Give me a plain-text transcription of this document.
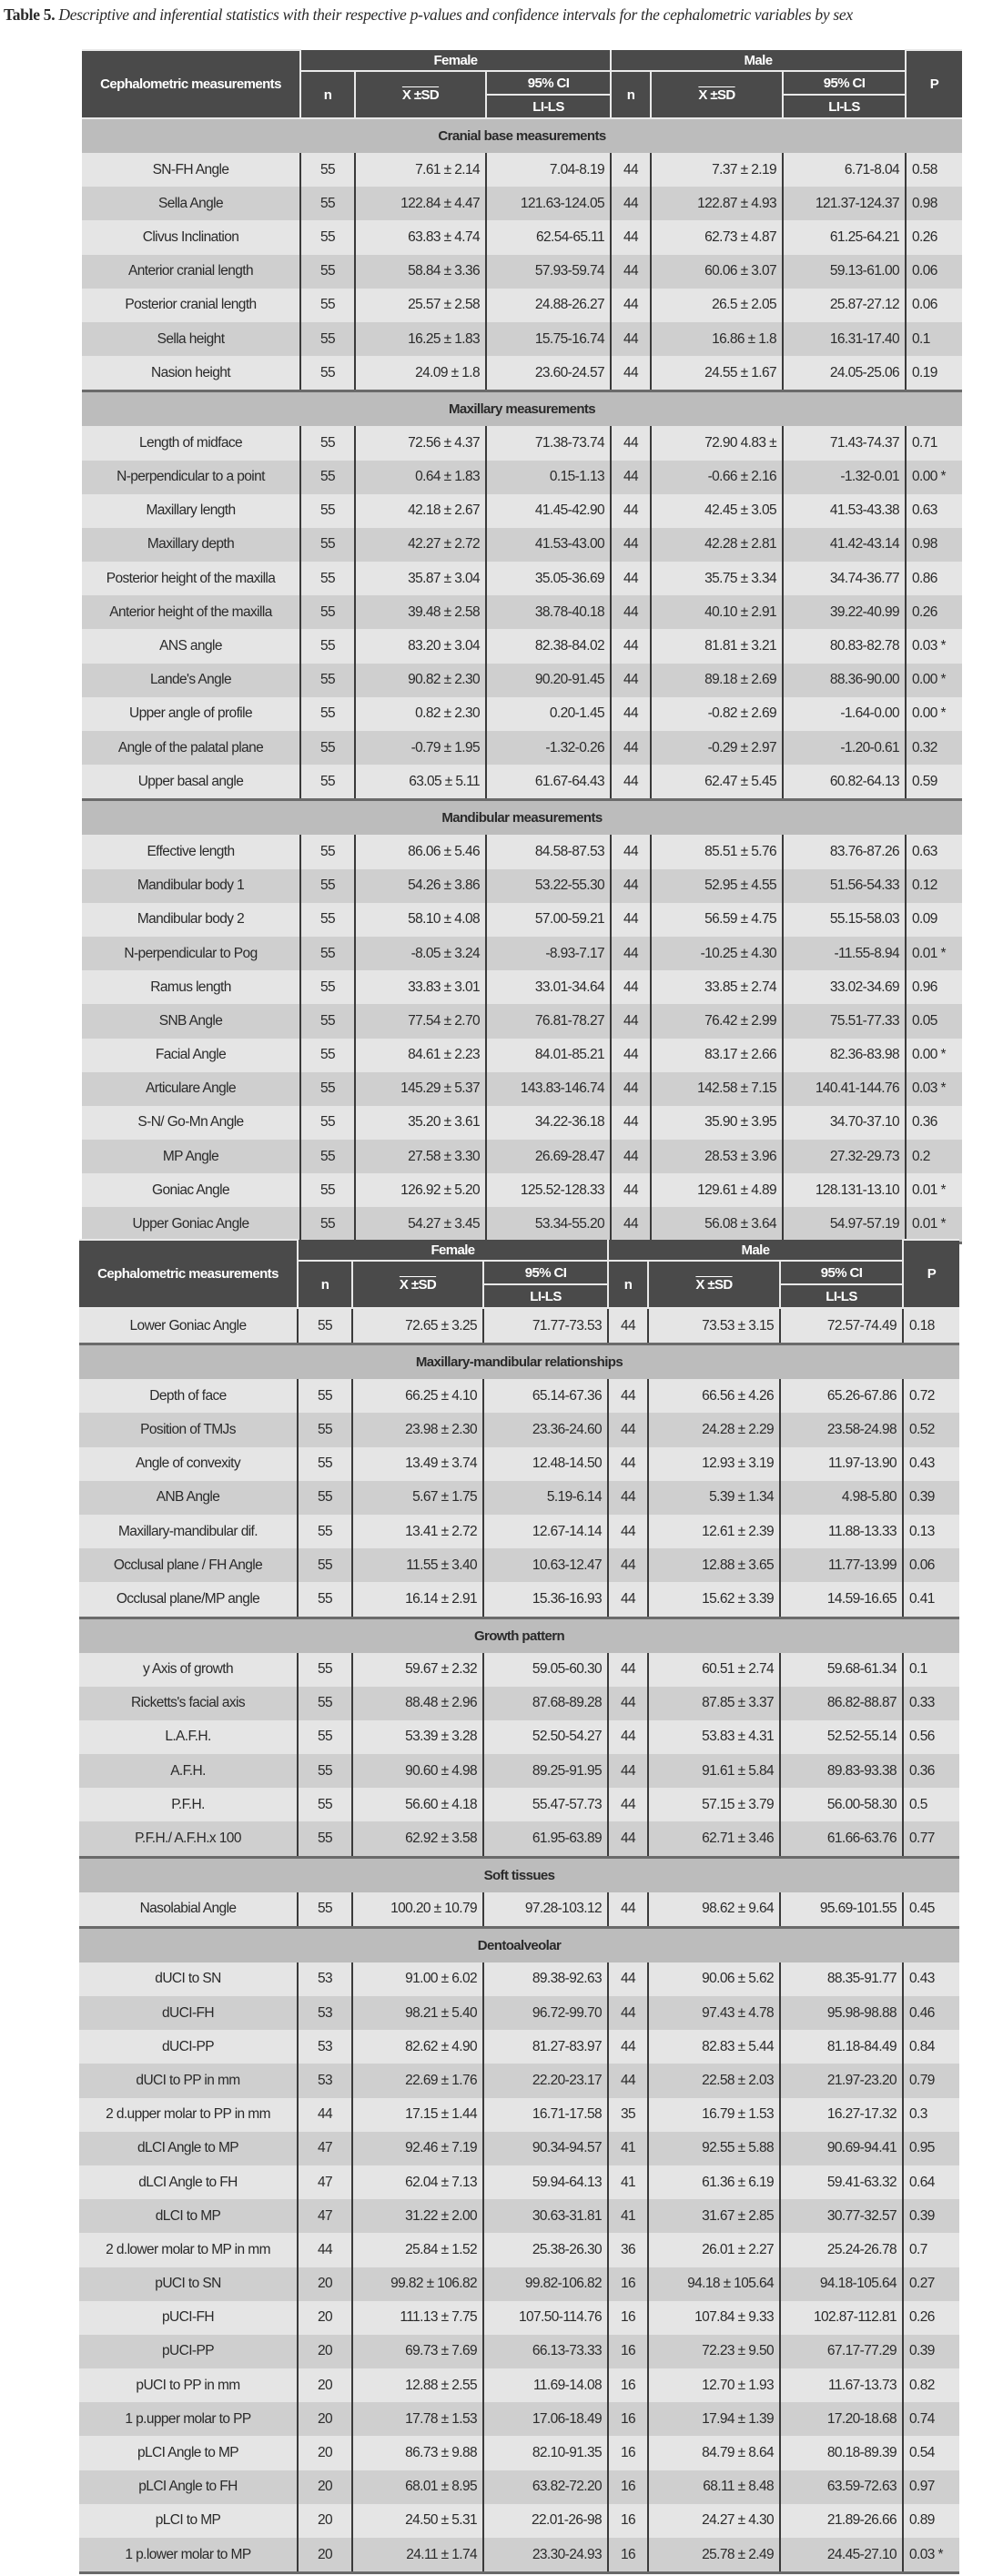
Table 5. Descriptive and inferential statistics with their respective p-values and confidence intervals for the cephalometric variables by sex
Cephalometric measurements	Female			Male			P
	n	X ±SD	95% CI	n	X ±SD	95% CI	
			LI-LS			LI-LS	
Cranial base measurements							
SN-FH Angle	55	7.61 ± 2.14	7.04-8.19	44	7.37 ± 2.19	6.71-8.04	0.58
Sella Angle	55	122.84 ± 4.47	121.63-124.05	44	122.87 ± 4.93	121.37-124.37	0.98
Clivus Inclination	55	63.83 ± 4.74	62.54-65.11	44	62.73 ± 4.87	61.25-64.21	0.26
Anterior cranial length	55	58.84 ± 3.36	57.93-59.74	44	60.06 ± 3.07	59.13-61.00	0.06
Posterior cranial length	55	25.57 ± 2.58	24.88-26.27	44	26.5 ± 2.05	25.87-27.12	0.06
Sella height	55	16.25 ± 1.83	15.75-16.74	44	16.86 ± 1.8	16.31-17.40	0.1
Nasion height	55	24.09 ± 1.8	23.60-24.57	44	24.55 ± 1.67	24.05-25.06	0.19
Maxillary measurements							
Length of midface	55	72.56 ± 4.37	71.38-73.74	44	72.90 4.83 ±	71.43-74.37	0.71
N-perpendicular to a point	55	0.64 ± 1.83	0.15-1.13	44	-0.66 ± 2.16	-1.32-0.01	0.00 *
Maxillary length	55	42.18 ± 2.67	41.45-42.90	44	42.45 ± 3.05	41.53-43.38	0.63
Maxillary depth	55	42.27 ± 2.72	41.53-43.00	44	42.28 ± 2.81	41.42-43.14	0.98
Posterior height of the maxilla	55	35.87 ± 3.04	35.05-36.69	44	35.75 ± 3.34	34.74-36.77	0.86
Anterior height of the maxilla	55	39.48 ± 2.58	38.78-40.18	44	40.10 ± 2.91	39.22-40.99	0.26
ANS angle	55	83.20 ± 3.04	82.38-84.02	44	81.81 ± 3.21	80.83-82.78	0.03 *
Lande's Angle	55	90.82 ± 2.30	90.20-91.45	44	89.18 ± 2.69	88.36-90.00	0.00 *
Upper angle of profile	55	0.82 ± 2.30	0.20-1.45	44	-0.82 ± 2.69	-1.64-0.00	0.00 *
Angle of the palatal plane	55	-0.79 ± 1.95	-1.32-0.26	44	-0.29 ± 2.97	-1.20-0.61	0.32
Upper basal angle	55	63.05 ± 5.11	61.67-64.43	44	62.47 ± 5.45	60.82-64.13	0.59
Mandibular measurements							
Effective length	55	86.06 ± 5.46	84.58-87.53	44	85.51 ± 5.76	83.76-87.26	0.63
Mandibular body 1	55	54.26 ± 3.86	53.22-55.30	44	52.95 ± 4.55	51.56-54.33	0.12
Mandibular body 2	55	58.10 ± 4.08	57.00-59.21	44	56.59 ± 4.75	55.15-58.03	0.09
N-perpendicular to Pog	55	-8.05 ± 3.24	-8.93-7.17	44	-10.25 ± 4.30	-11.55-8.94	0.01 *
Ramus length	55	33.83 ± 3.01	33.01-34.64	44	33.85 ± 2.74	33.02-34.69	0.96
SNB Angle	55	77.54 ± 2.70	76.81-78.27	44	76.42 ± 2.99	75.51-77.33	0.05
Facial Angle	55	84.61 ± 2.23	84.01-85.21	44	83.17 ± 2.66	82.36-83.98	0.00 *
Articulare Angle	55	145.29 ± 5.37	143.83-146.74	44	142.58 ± 7.15	140.41-144.76	0.03 *
S-N/ Go-Mn Angle	55	35.20 ± 3.61	34.22-36.18	44	35.90 ± 3.95	34.70-37.10	0.36
MP Angle	55	27.58 ± 3.30	26.69-28.47	44	28.53 ± 3.96	27.32-29.73	0.2
Goniac Angle	55	126.92 ± 5.20	125.52-128.33	44	129.61 ± 4.89	128.131-13.10	0.01 *
Upper Goniac Angle	55	54.27 ± 3.45	53.34-55.20	44	56.08 ± 3.64	54.97-57.19	0.01 *
Cephalometric measurements	Female			Male			P
	n	X ±SD	95% CI	n	X ±SD	95% CI	
			LI-LS			LI-LS	
Lower Goniac Angle	55	72.65 ± 3.25	71.77-73.53	44	73.53 ± 3.15	72.57-74.49	0.18
Maxillary-mandibular relationships							
Depth of face	55	66.25 ± 4.10	65.14-67.36	44	66.56 ± 4.26	65.26-67.86	0.72
Position of TMJs	55	23.98 ± 2.30	23.36-24.60	44	24.28 ± 2.29	23.58-24.98	0.52
Angle of convexity	55	13.49 ± 3.74	12.48-14.50	44	12.93 ± 3.19	11.97-13.90	0.43
ANB Angle	55	5.67 ± 1.75	5.19-6.14	44	5.39 ± 1.34	4.98-5.80	0.39
Maxillary-mandibular dif.	55	13.41 ± 2.72	12.67-14.14	44	12.61 ± 2.39	11.88-13.33	0.13
Occlusal plane / FH Angle	55	11.55 ± 3.40	10.63-12.47	44	12.88 ± 3.65	11.77-13.99	0.06
Occlusal plane/MP angle	55	16.14 ± 2.91	15.36-16.93	44	15.62 ± 3.39	14.59-16.65	0.41
Growth pattern							
y Axis of growth	55	59.67 ± 2.32	59.05-60.30	44	60.51 ± 2.74	59.68-61.34	0.1
Ricketts's facial axis	55	88.48 ± 2.96	87.68-89.28	44	87.85 ± 3.37	86.82-88.87	0.33
L.A.F.H.	55	53.39 ± 3.28	52.50-54.27	44	53.83 ± 4.31	52.52-55.14	0.56
A.F.H.	55	90.60 ± 4.98	89.25-91.95	44	91.61 ± 5.84	89.83-93.38	0.36
P.F.H.	55	56.60 ± 4.18	55.47-57.73	44	57.15 ± 3.79	56.00-58.30	0.5
P.F.H./ A.F.H.x 100	55	62.92 ± 3.58	61.95-63.89	44	62.71 ± 3.46	61.66-63.76	0.77
Soft tissues							
Nasolabial Angle	55	100.20 ± 10.79	97.28-103.12	44	98.62 ± 9.64	95.69-101.55	0.45
Dentoalveolar							
dUCI to SN	53	91.00 ± 6.02	89.38-92.63	44	90.06 ± 5.62	88.35-91.77	0.43
dUCI-FH	53	98.21 ± 5.40	96.72-99.70	44	97.43 ± 4.78	95.98-98.88	0.46
dUCI-PP	53	82.62 ± 4.90	81.27-83.97	44	82.83 ± 5.44	81.18-84.49	0.84
dUCI to PP in mm	53	22.69 ± 1.76	22.20-23.17	44	22.58 ± 2.03	21.97-23.20	0.79
2 d.upper molar to PP in mm	44	17.15 ± 1.44	16.71-17.58	35	16.79 ± 1.53	16.27-17.32	0.3
dLCI Angle to MP	47	92.46 ± 7.19	90.34-94.57	41	92.55 ± 5.88	90.69-94.41	0.95
dLCI Angle to FH	47	62.04 ± 7.13	59.94-64.13	41	61.36 ± 6.19	59.41-63.32	0.64
dLCI to MP	47	31.22 ± 2.00	30.63-31.81	41	31.67 ± 2.85	30.77-32.57	0.39
2 d.lower molar to MP in mm	44	25.84 ± 1.52	25.38-26.30	36	26.01 ± 2.27	25.24-26.78	0.7
pUCI to SN	20	99.82 ± 106.82	99.82-106.82	16	94.18 ± 105.64	94.18-105.64	0.27
pUCI-FH	20	111.13 ± 7.75	107.50-114.76	16	107.84 ± 9.33	102.87-112.81	0.26
pUCI-PP	20	69.73 ± 7.69	66.13-73.33	16	72.23 ± 9.50	67.17-77.29	0.39
pUCI to PP in mm	20	12.88 ± 2.55	11.69-14.08	16	12.70 ± 1.93	11.67-13.73	0.82
1 p.upper molar to PP	20	17.78 ± 1.53	17.06-18.49	16	17.94 ± 1.39	17.20-18.68	0.74
pLCI Angle to MP	20	86.73 ± 9.88	82.10-91.35	16	84.79 ± 8.64	80.18-89.39	0.54
pLCI Angle to FH	20	68.01 ± 8.95	63.82-72.20	16	68.11 ± 8.48	63.59-72.63	0.97
pLCI to MP	20	24.50 ± 5.31	22.01-26-98	16	24.27 ± 4.30	21.89-26.66	0.89
1 p.lower molar to MP	20	24.11 ± 1.74	23.30-24.93	16	25.78 ± 2.49	24.45-27.10	0.03 *
